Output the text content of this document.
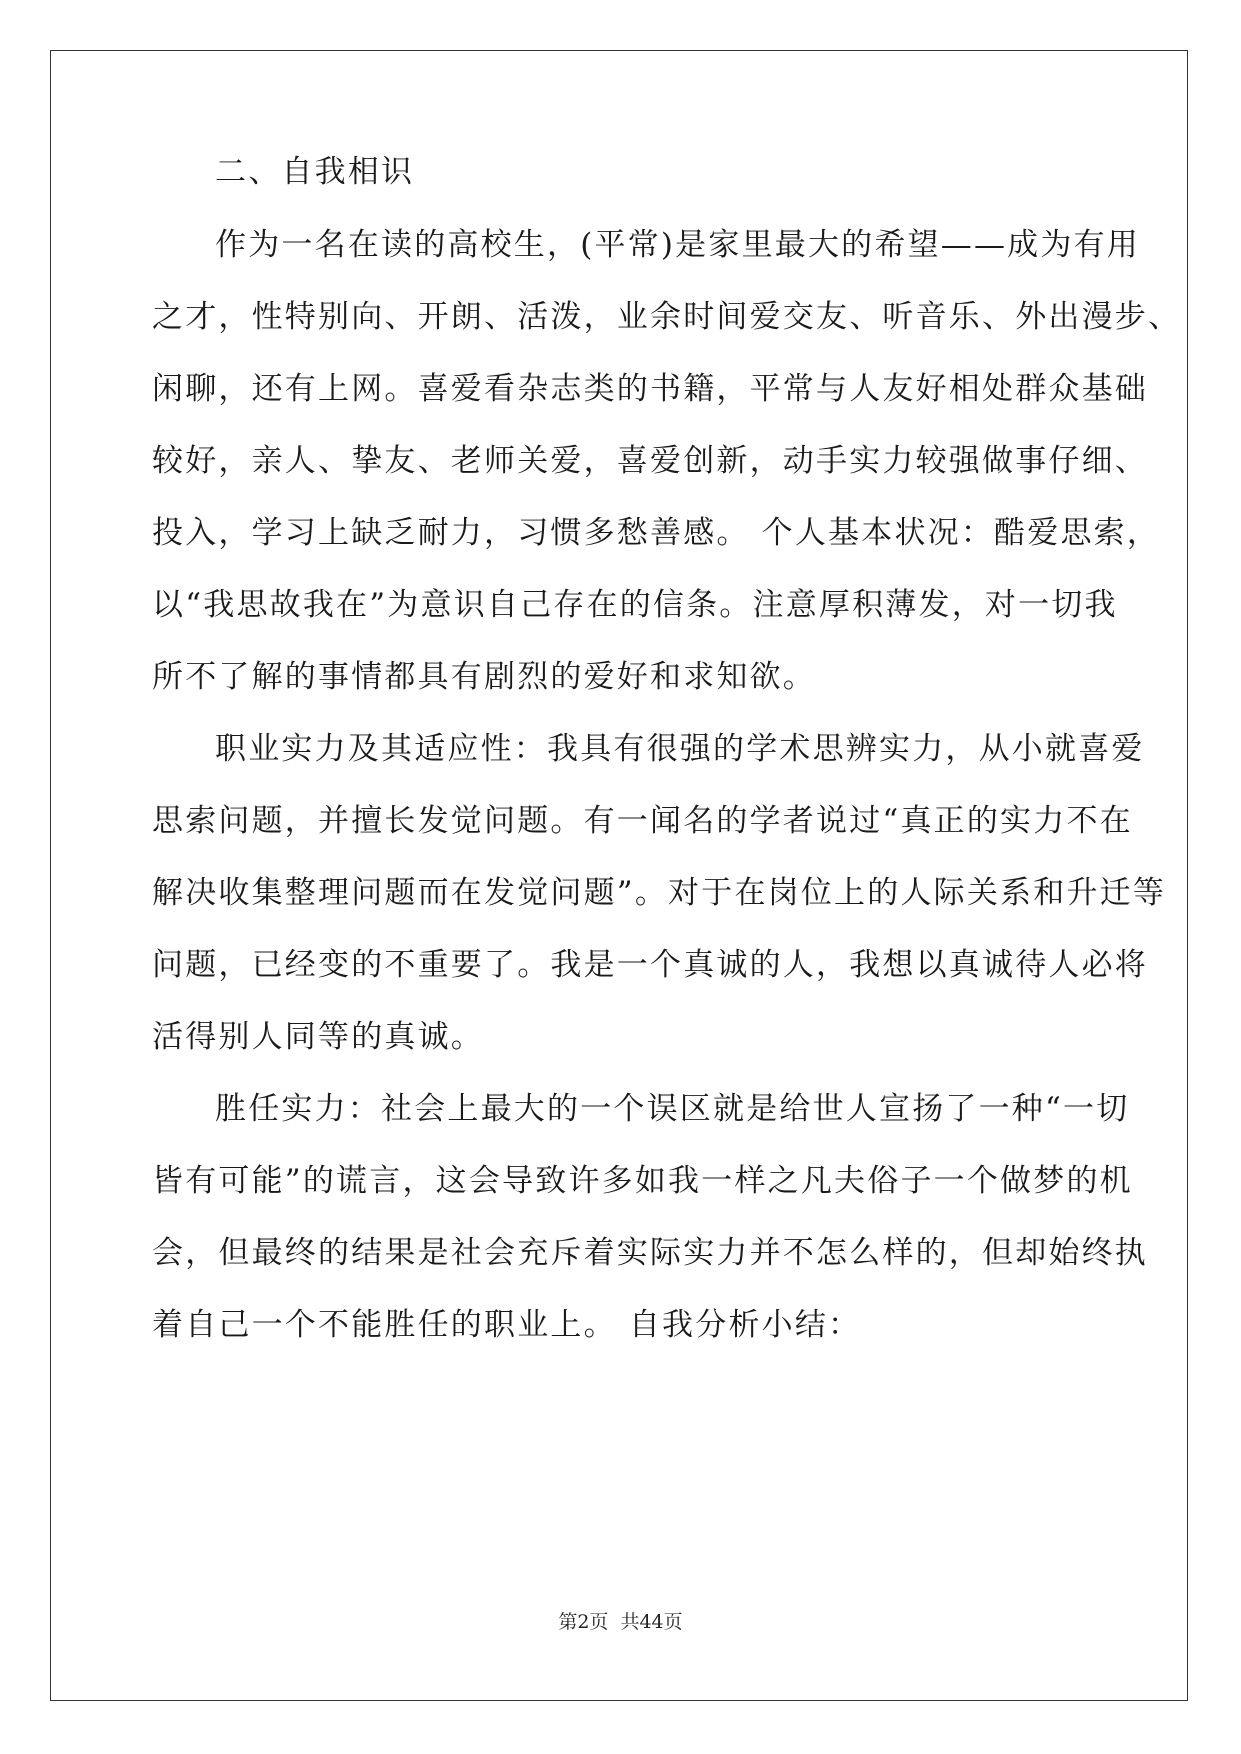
二、自我相识
作为一名在读的高校生，(平常)是家里最大的希望——成为有用
之才，性特别向、开朗、活泼，业余时间爱交友、听音乐、外出漫步、
闲聊，还有上网。喜爱看杂志类的书籍，平常与人友好相处群众基础
较好，亲人、挚友、老师关爱，喜爱创新，动手实力较强做事仔细、
投入，学习上缺乏耐力，习惯多愁善感。 个人基本状况：酷爱思索，
以“我思故我在”为意识自己存在的信条。注意厚积薄发，对一切我
所不了解的事情都具有剧烈的爱好和求知欲。
职业实力及其适应性：我具有很强的学术思辨实力，从小就喜爱
思索问题，并擅长发觉问题。有一闻名的学者说过“真正的实力不在
解决收集整理问题而在发觉问题”。对于在岗位上的人际关系和升迁等
问题，已经变的不重要了。我是一个真诚的人，我想以真诚待人必将
活得别人同等的真诚。
胜任实力：社会上最大的一个误区就是给世人宣扬了一种“一切
皆有可能”的谎言，这会导致许多如我一样之凡夫俗子一个做梦的机
会，但最终的结果是社会充斥着实际实力并不怎么样的，但却始终执
着自己一个不能胜任的职业上。 自我分析小结：
第2页 共44页
